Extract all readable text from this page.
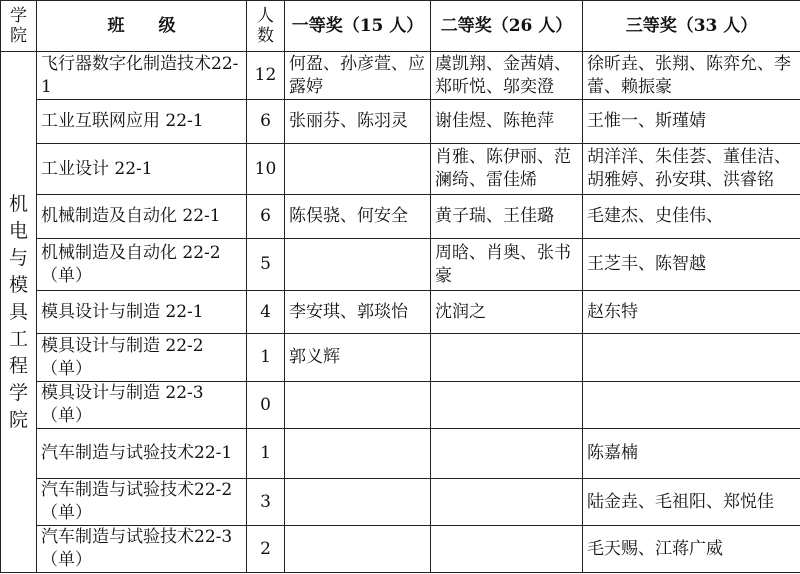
学院	班　　级	人数	一等奖（15 人）	二等奖（26 人）	三等奖（33 人）
机电与模具工程学院	飞行器数字化制造技术22-1	12	何盈、孙彦萱、应露婷	虞凯翔、金茜婧、郑昕悦、邬奕澄	徐昕垚、张翔、陈弈允、李蕾、赖振豪
	工业互联网应用 22-1	6	张丽芬、陈羽灵	谢佳煜、陈艳萍	王惟一、斯瑾婧
	工业设计 22-1	10		肖雅、陈伊丽、范澜绮、雷佳烯	胡洋洋、朱佳荟、董佳洁、胡雅婷、孙安琪、洪睿铭
	机械制造及自动化 22-1	6	陈俣骁、何安全	黄子瑞、王佳璐	毛建杰、史佳伟、
	机械制造及自动化 22-2（单）	5		周晗、肖奥、张书豪	王芝丰、陈智越
	模具设计与制造 22-1	4	李安琪、郭琰怡	沈润之	赵东特
	模具设计与制造 22-2（单）	1	郭义辉		
	模具设计与制造 22-3（单）	0			
	汽车制造与试验技术22-1	1			陈嘉楠
	汽车制造与试验技术22-2（单）	3			陆金垚、毛祖阳、郑悦佳
	汽车制造与试验技术22-3（单）	2			毛天赐、江蒋广威
